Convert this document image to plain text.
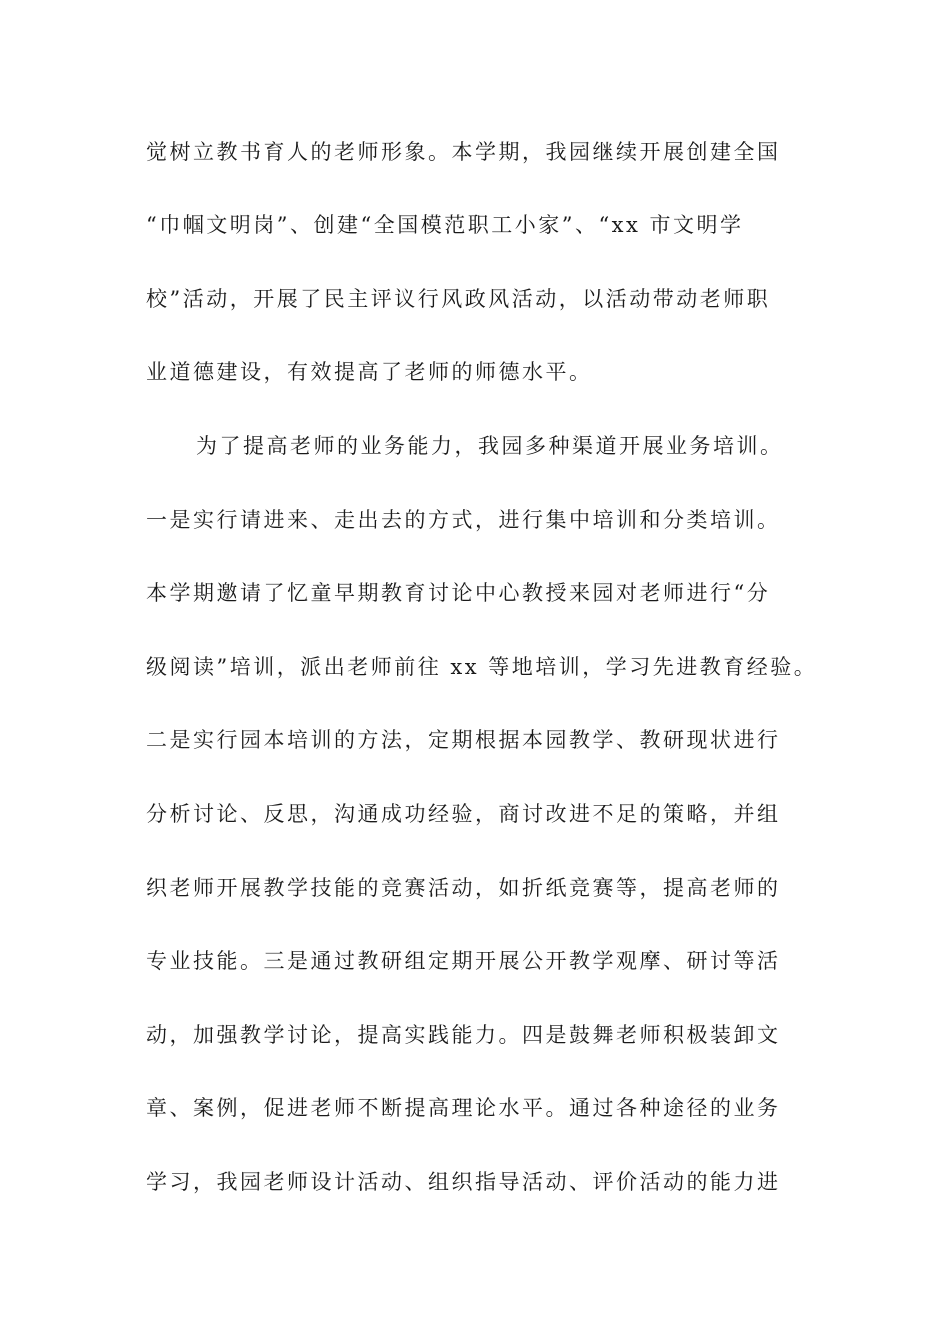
觉树立教书育人的老师形象。本学期，我园继续开展创建全国
“巾帼文明岗”、创建“全国模范职工小家”、“xx 市文明学
校”活动，开展了民主评议行风政风活动，以活动带动老师职
业道德建设，有效提高了老师的师德水平。
为了提高老师的业务能力，我园多种渠道开展业务培训。
一是实行请进来、走出去的方式，进行集中培训和分类培训。
本学期邀请了忆童早期教育讨论中心教授来园对老师进行“分
级阅读”培训，派出老师前往 xx 等地培训，学习先进教育经验。
二是实行园本培训的方法，定期根据本园教学、教研现状进行
分析讨论、反思，沟通成功经验，商讨改进不足的策略，并组
织老师开展教学技能的竞赛活动，如折纸竞赛等，提高老师的
专业技能。三是通过教研组定期开展公开教学观摩、研讨等活
动，加强教学讨论，提高实践能力。四是鼓舞老师积极装卸文
章、案例，促进老师不断提高理论水平。通过各种途径的业务
学习，我园老师设计活动、组织指导活动、评价活动的能力进
